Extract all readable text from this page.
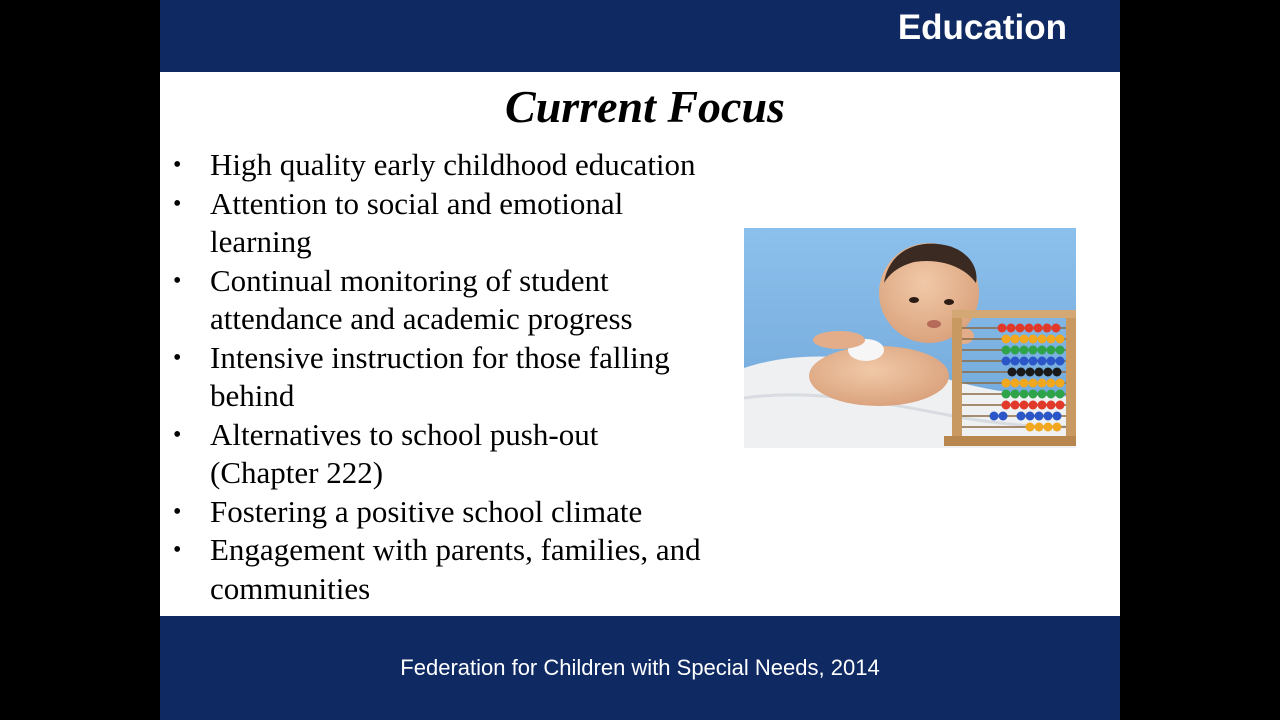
Education
Current Focus
• High quality early childhood education
• Attention to social and emotional
learning
• Continual monitoring of student
attendance and academic progress
• Intensive instruction for those falling
behind
• Alternatives to school push-out
(Chapter 222)
• Fostering a positive school climate
• Engagement with parents, families, and
communities
Federation for Children with Special Needs, 2014
